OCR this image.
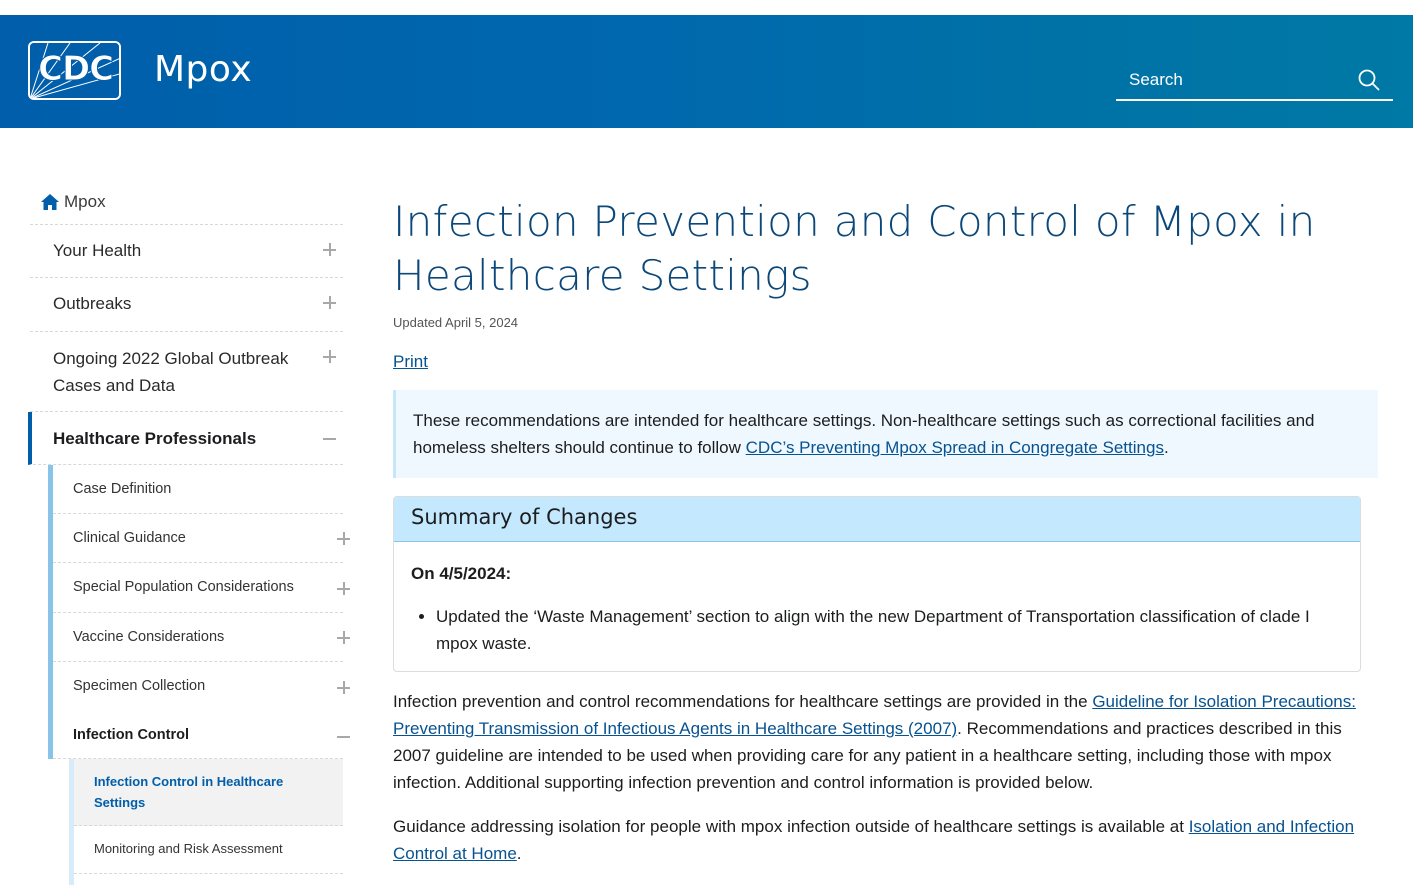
CDC Mpox
Search
Mpox
Your Health
Outbreaks
Ongoing 2022 Global Outbreak Cases and Data
Healthcare Professionals
Case Definition
Clinical Guidance
Special Population Considerations
Vaccine Considerations
Specimen Collection
Infection Control
Infection Control in Healthcare Settings
Monitoring and Risk Assessment
Infection Prevention and Control of Mpox in Healthcare Settings
Updated April 5, 2024
Print
These recommendations are intended for healthcare settings. Non-healthcare settings such as correctional facilities and homeless shelters should continue to follow CDC’s Preventing Mpox Spread in Congregate Settings.
Summary of Changes
On 4/5/2024:
• Updated the ‘Waste Management’ section to align with the new Department of Transportation classification of clade I mpox waste.

Infection prevention and control recommendations for healthcare settings are provided in the Guideline for Isolation Precautions: Preventing Transmission of Infectious Agents in Healthcare Settings (2007). Recommendations and practices described in this 2007 guideline are intended to be used when providing care for any patient in a healthcare setting, including those with mpox infection. Additional supporting infection prevention and control information is provided below.

Guidance addressing isolation for people with mpox infection outside of healthcare settings is available at Isolation and Infection Control at Home.
